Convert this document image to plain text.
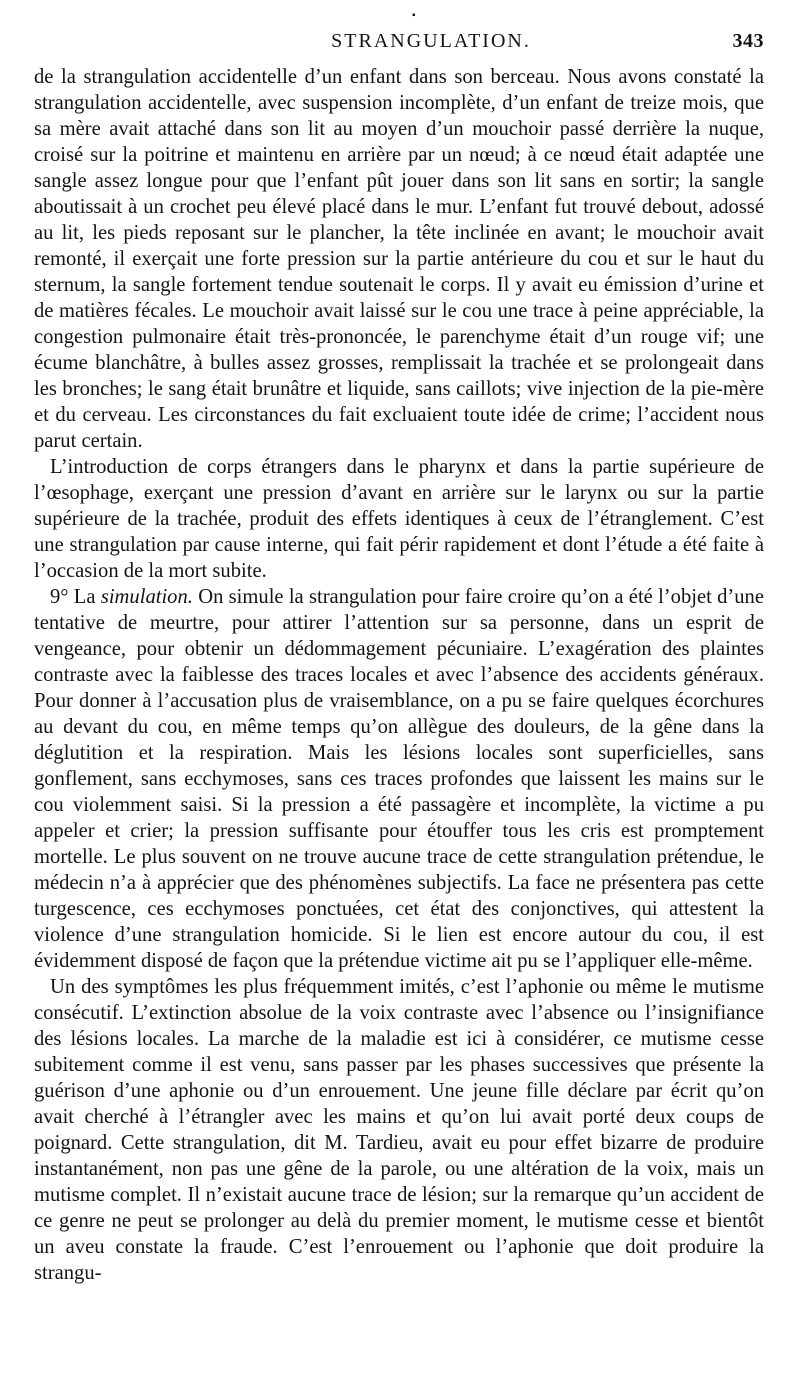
▪
STRANGULATION.	343

de la strangulation accidentelle d’un enfant dans son berceau. Nous avons constaté la strangulation accidentelle, avec suspension incomplète, d’un enfant de treize mois, que sa mère avait attaché dans son lit au moyen d’un mouchoir passé derrière la nuque, croisé sur la poitrine et maintenu en arrière par un nœud; à ce nœud était adaptée une sangle assez longue pour que l’enfant pût jouer dans son lit sans en sortir; la sangle aboutissait à un crochet peu élevé placé dans le mur. L’enfant fut trouvé debout, adossé au lit, les pieds reposant sur le plancher, la tête inclinée en avant; le mouchoir avait remonté, il exerçait une forte pression sur la partie antérieure du cou et sur le haut du sternum, la sangle fortement tendue soutenait le corps. Il y avait eu émission d’urine et de matières fécales. Le mouchoir avait laissé sur le cou une trace à peine appréciable, la congestion pulmonaire était très-prononcée, le parenchyme était d’un rouge vif; une écume blanchâtre, à bulles assez grosses, remplissait la trachée et se prolongeait dans les bronches; le sang était brunâtre et liquide, sans caillots; vive injection de la pie-mère et du cerveau. Les circonstances du fait excluaient toute idée de crime; l’accident nous parut certain.

L’introduction de corps étrangers dans le pharynx et dans la partie supérieure de l’œsophage, exerçant une pression d’avant en arrière sur le larynx ou sur la partie supérieure de la trachée, produit des effets identiques à ceux de l’étranglement. C’est une strangulation par cause interne, qui fait périr rapidement et dont l’étude a été faite à l’occasion de la mort subite.

9° La simulation. On simule la strangulation pour faire croire qu’on a été l’objet d’une tentative de meurtre, pour attirer l’attention sur sa personne, dans un esprit de vengeance, pour obtenir un dédommagement pécuniaire. L’exagération des plaintes contraste avec la faiblesse des traces locales et avec l’absence des accidents généraux. Pour donner à l’accusation plus de vraisemblance, on a pu se faire quelques écorchures au devant du cou, en même temps qu’on allègue des douleurs, de la gêne dans la déglutition et la respiration. Mais les lésions locales sont superficielles, sans gonflement, sans ecchymoses, sans ces traces profondes que laissent les mains sur le cou violemment saisi. Si la pression a été passagère et incomplète, la victime a pu appeler et crier; la pression suffisante pour étouffer tous les cris est promptement mortelle. Le plus souvent on ne trouve aucune trace de cette strangulation prétendue, le médecin n’a à apprécier que des phénomènes subjectifs. La face ne présentera pas cette turgescence, ces ecchymoses ponctuées, cet état des conjonctives, qui attestent la violence d’une strangulation homicide. Si le lien est encore autour du cou, il est évidemment disposé de façon que la prétendue victime ait pu se l’appliquer elle-même.

Un des symptômes les plus fréquemment imités, c’est l’aphonie ou même le mutisme consécutif. L’extinction absolue de la voix contraste avec l’absence ou l’insignifiance des lésions locales. La marche de la maladie est ici à considérer, ce mutisme cesse subitement comme il est venu, sans passer par les phases successives que présente la guérison d’une aphonie ou d’un enrouement. Une jeune fille déclare par écrit qu’on avait cherché à l’étrangler avec les mains et qu’on lui avait porté deux coups de poignard. Cette strangulation, dit M. Tardieu, avait eu pour effet bizarre de produire instantanément, non pas une gêne de la parole, ou une altération de la voix, mais un mutisme complet. Il n’existait aucune trace de lésion; sur la remarque qu’un accident de ce genre ne peut se prolonger au delà du premier moment, le mutisme cesse et bientôt un aveu constate la fraude. C’est l’enrouement ou l’aphonie que doit produire la strangu-
